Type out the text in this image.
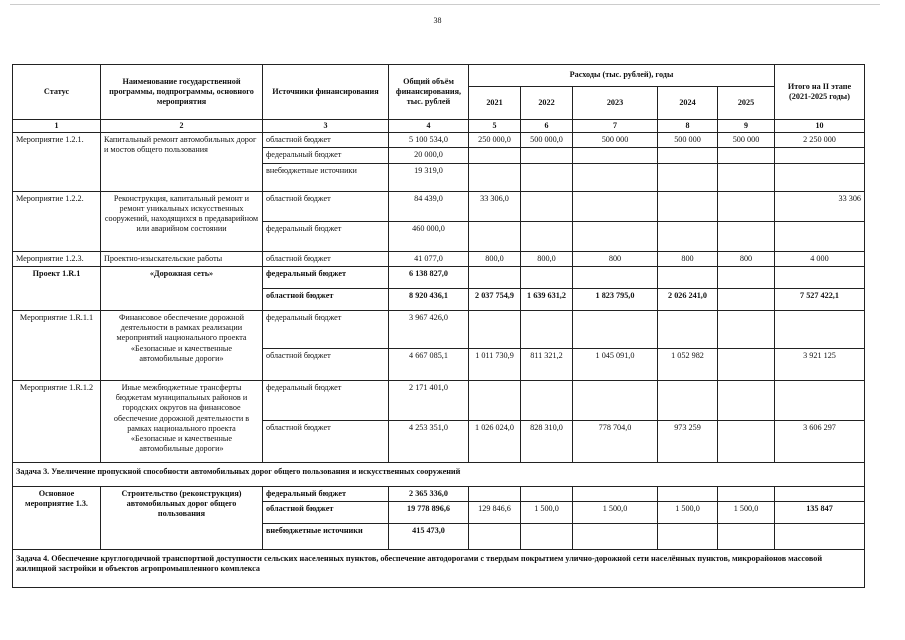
38
Статус	Наименование государственной программы, подпрограммы, основного мероприятия	Источники финансирования	Общий объём финансирования, тыс. рублей	Расходы (тыс. рублей), годы					Итого на II этапе (2021-2025 годы)
				2021	2022	2023	2024	2025	
1	2	3	4	5	6	7	8	9	10
Мероприятие 1.2.1.	Капитальный ремонт автомобильных дорог и мостов общего пользования	областной бюджет	5 100 534,0	250 000,0	500 000,0	500 000	500 000	500 000	2 250 000
		федеральный бюджет	20 000,0						
		внебюджетные источники	19 319,0						
Мероприятие 1.2.2.	Реконструкция, капитальный ремонт и ремонт уникальных искусственных сооружений, находящихся в предаварийном или аварийном состоянии	областной бюджет	84 439,0	33 306,0					33 306
		федеральный бюджет	460 000,0						
Мероприятие 1.2.3.	Проектно-изыскательские работы	областной бюджет	41 077,0	800,0	800,0	800	800	800	4 000
Проект 1.R.1	«Дорожная сеть»	федеральный бюджет	6 138 827,0						
		областной бюджет	8 920 436,1	2 037 754,9	1 639 631,2	1 823 795,0	2 026 241,0		7 527 422,1
Мероприятие 1.R.1.1	Финансовое обеспечение дорожной деятельности в рамках реализации мероприятий национального проекта «Безопасные и качественные автомобильные дороги»	федеральный бюджет	3 967 426,0						
		областной бюджет	4 667 085,1	1 011 730,9	811 321,2	1 045 091,0	1 052 982		3 921 125
Мероприятие 1.R.1.2	Иные межбюджетные трансферты бюджетам муниципальных районов и городских округов на финансовое обеспечение дорожной деятельности в рамках национального проекта «Безопасные и качественные автомобильные дороги»	федеральный бюджет	2 171 401,0						
		областной бюджет	4 253 351,0	1 026 024,0	828 310,0	778 704,0	973 259		3 606 297
Задача 3. Увеличение пропускной способности автомобильных дорог общего пользования и искусственных сооружений									
Основное мероприятие 1.3.	Строительство (реконструкция) автомобильных дорог общего пользования	федеральный бюджет	2 365 336,0						
		областной бюджет	19 778 896,6	129 846,6	1 500,0	1 500,0	1 500,0	1 500,0	135 847
		внебюджетные источники	415 473,0						
Задача 4. Обеспечение круглогодичной транспортной доступности сельских населенных пунктов, обеспечение автодорогами с твердым покрытием улично-дорожной сети населённых пунктов, микрорайонов массовой жилищной застройки и объектов агропромышленного комплекса									
